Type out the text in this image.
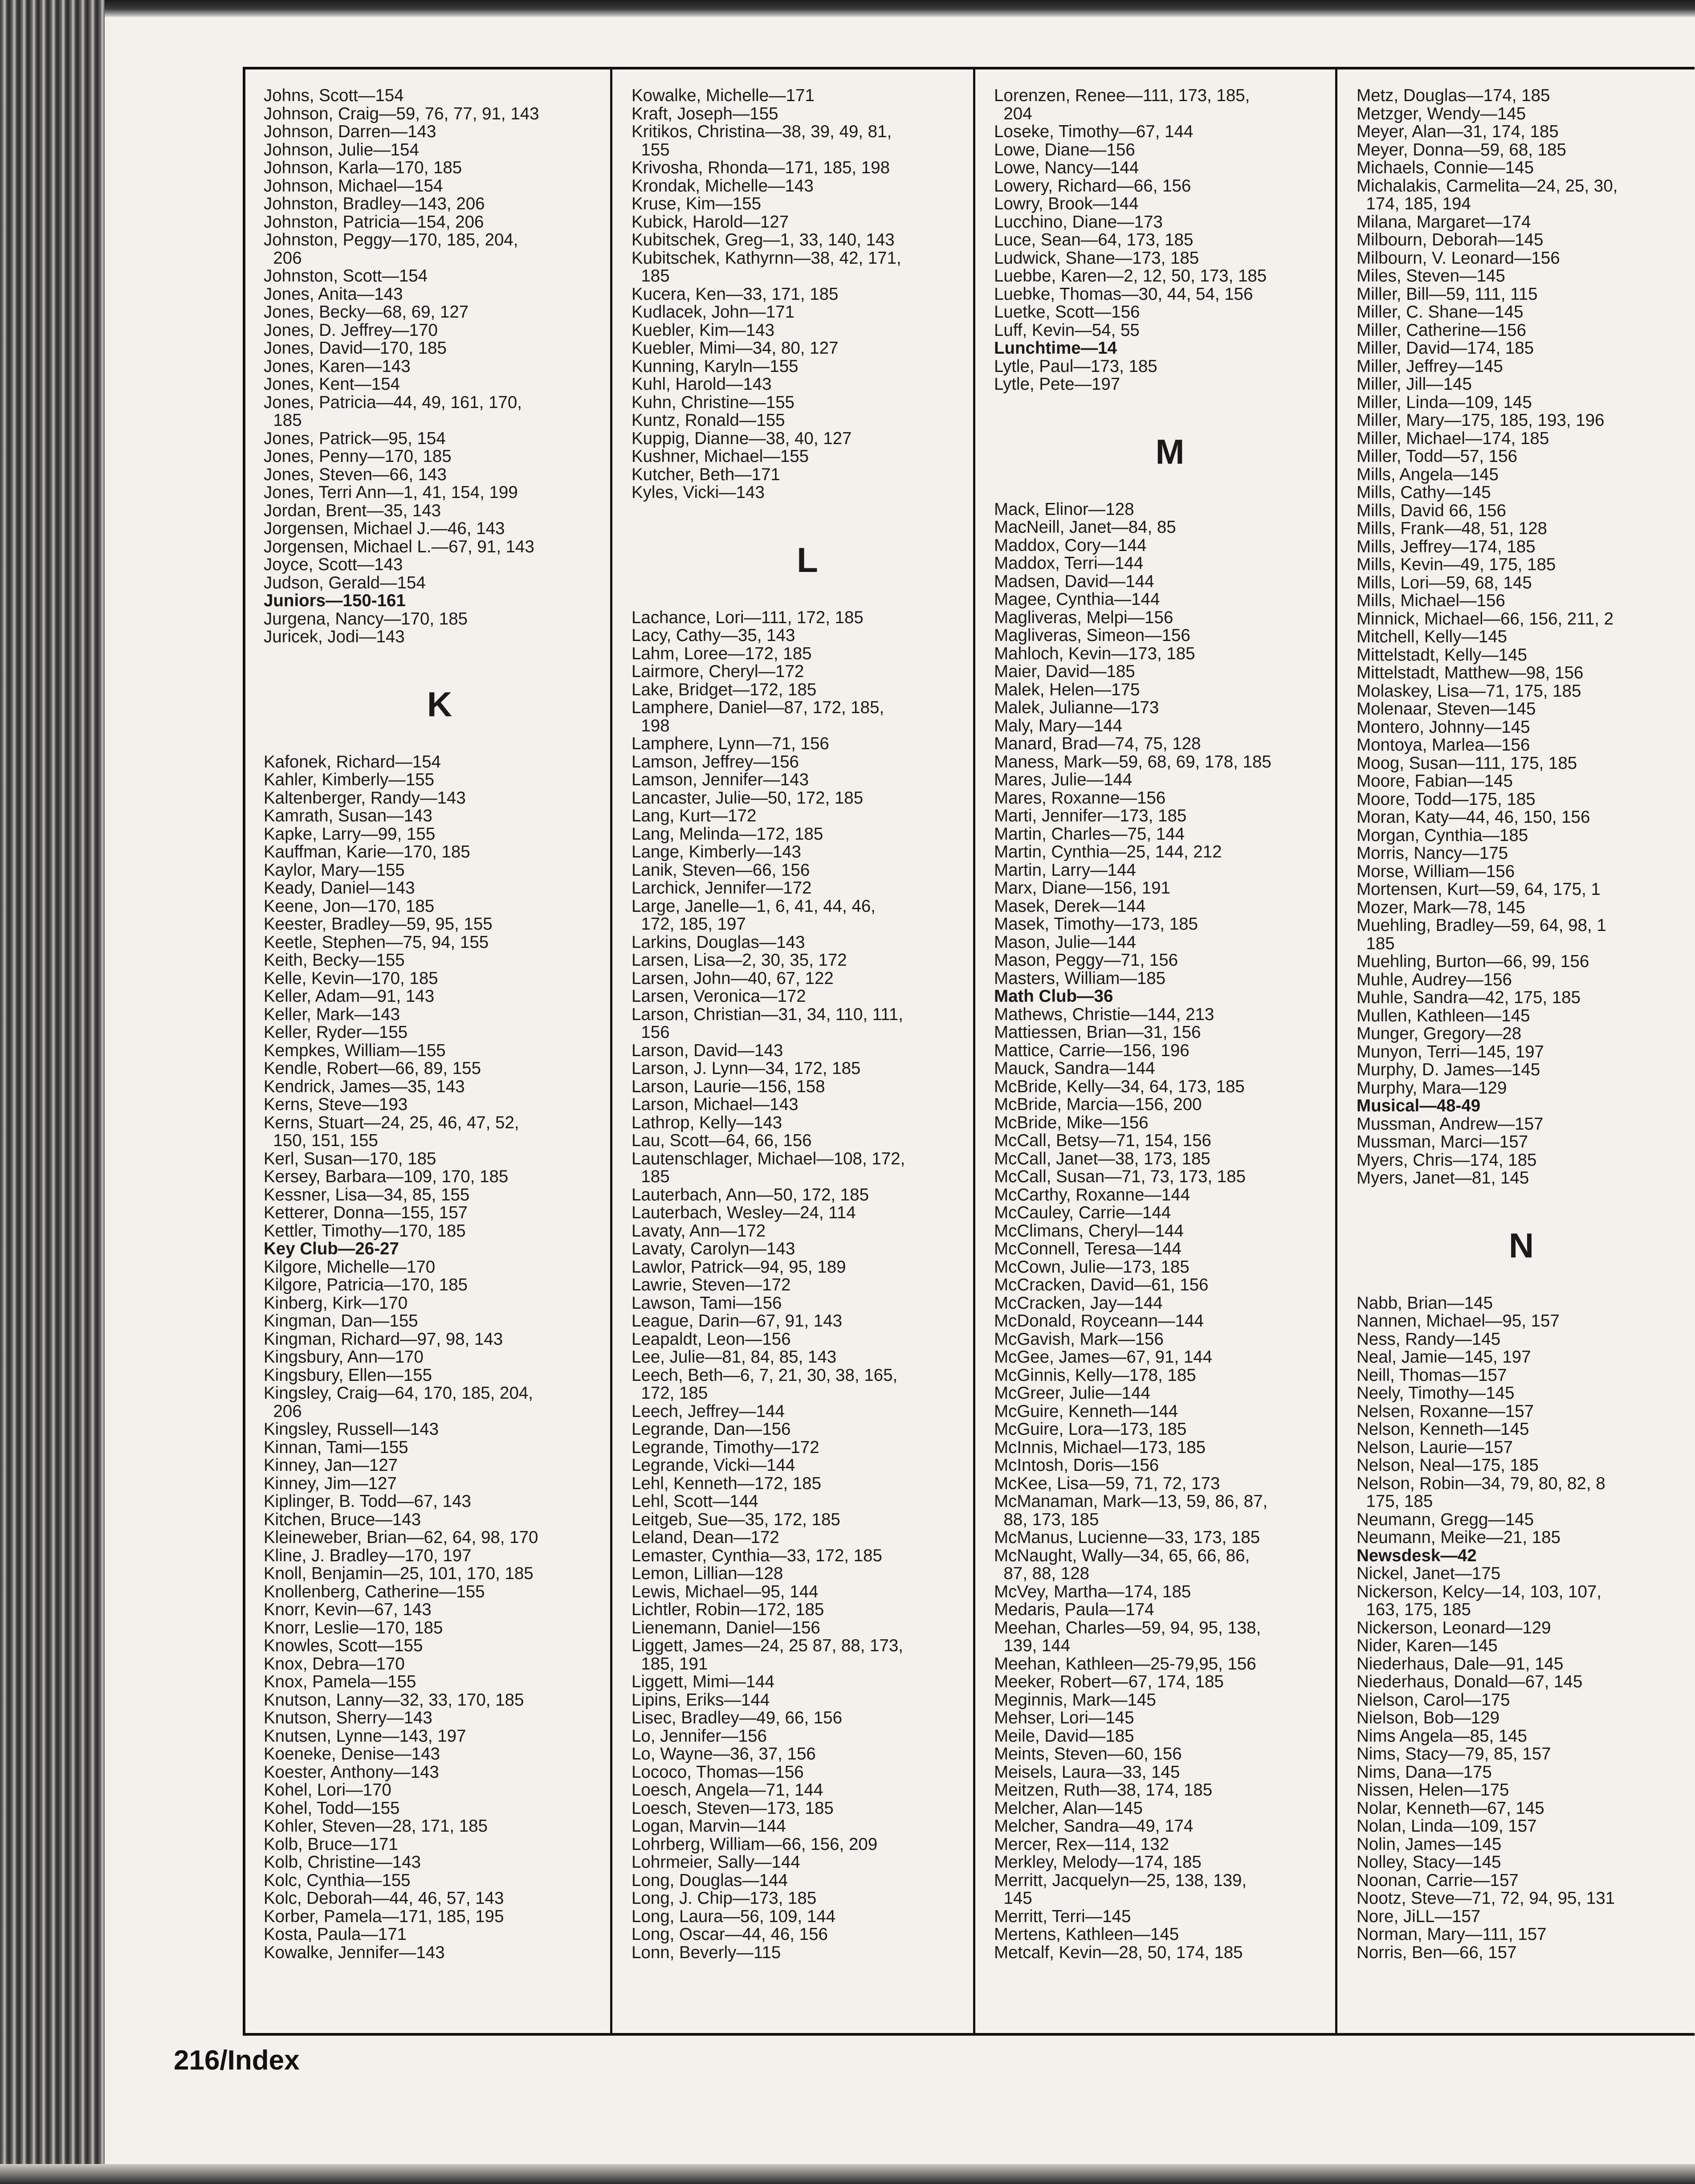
Johns, Scott—154
Johnson, Craig—59, 76, 77, 91, 143
Johnson, Darren—143
Johnson, Julie—154
Johnson, Karla—170, 185
Johnson, Michael—154
Johnston, Bradley—143, 206
Johnston, Patricia—154, 206
Johnston, Peggy—170, 185, 204,
206
Johnston, Scott—154
Jones, Anita—143
Jones, Becky—68, 69, 127
Jones, D. Jeffrey—170
Jones, David—170, 185
Jones, Karen—143
Jones, Kent—154
Jones, Patricia—44, 49, 161, 170,
185
Jones, Patrick—95, 154
Jones, Penny—170, 185
Jones, Steven—66, 143
Jones, Terri Ann—1, 41, 154, 199
Jordan, Brent—35, 143
Jorgensen, Michael J.—46, 143
Jorgensen, Michael L.—67, 91, 143
Joyce, Scott—143
Judson, Gerald—154
Juniors—150-161
Jurgena, Nancy—170, 185
Juricek, Jodi—143
K
Kafonek, Richard—154
Kahler, Kimberly—155
Kaltenberger, Randy—143
Kamrath, Susan—143
Kapke, Larry—99, 155
Kauffman, Karie—170, 185
Kaylor, Mary—155
Keady, Daniel—143
Keene, Jon—170, 185
Keester, Bradley—59, 95, 155
Keetle, Stephen—75, 94, 155
Keith, Becky—155
Kelle, Kevin—170, 185
Keller, Adam—91, 143
Keller, Mark—143
Keller, Ryder—155
Kempkes, William—155
Kendle, Robert—66, 89, 155
Kendrick, James—35, 143
Kerns, Steve—193
Kerns, Stuart—24, 25, 46, 47, 52,
150, 151, 155
Kerl, Susan—170, 185
Kersey, Barbara—109, 170, 185
Kessner, Lisa—34, 85, 155
Ketterer, Donna—155, 157
Kettler, Timothy—170, 185
Key Club—26-27
Kilgore, Michelle—170
Kilgore, Patricia—170, 185
Kinberg, Kirk—170
Kingman, Dan—155
Kingman, Richard—97, 98, 143
Kingsbury, Ann—170
Kingsbury, Ellen—155
Kingsley, Craig—64, 170, 185, 204,
206
Kingsley, Russell—143
Kinnan, Tami—155
Kinney, Jan—127
Kinney, Jim—127
Kiplinger, B. Todd—67, 143
Kitchen, Bruce—143
Kleineweber, Brian—62, 64, 98, 170
Kline, J. Bradley—170, 197
Knoll, Benjamin—25, 101, 170, 185
Knollenberg, Catherine—155
Knorr, Kevin—67, 143
Knorr, Leslie—170, 185
Knowles, Scott—155
Knox, Debra—170
Knox, Pamela—155
Knutson, Lanny—32, 33, 170, 185
Knutson, Sherry—143
Knutsen, Lynne—143, 197
Koeneke, Denise—143
Koester, Anthony—143
Kohel, Lori—170
Kohel, Todd—155
Kohler, Steven—28, 171, 185
Kolb, Bruce—171
Kolb, Christine—143
Kolc, Cynthia—155
Kolc, Deborah—44, 46, 57, 143
Korber, Pamela—171, 185, 195
Kosta, Paula—171
Kowalke, Jennifer—143
Kowalke, Michelle—171
Kraft, Joseph—155
Kritikos, Christina—38, 39, 49, 81,
155
Krivosha, Rhonda—171, 185, 198
Krondak, Michelle—143
Kruse, Kim—155
Kubick, Harold—127
Kubitschek, Greg—1, 33, 140, 143
Kubitschek, Kathyrnn—38, 42, 171,
185
Kucera, Ken—33, 171, 185
Kudlacek, John—171
Kuebler, Kim—143
Kuebler, Mimi—34, 80, 127
Kunning, Karyln—155
Kuhl, Harold—143
Kuhn, Christine—155
Kuntz, Ronald—155
Kuppig, Dianne—38, 40, 127
Kushner, Michael—155
Kutcher, Beth—171
Kyles, Vicki—143
L
Lachance, Lori—111, 172, 185
Lacy, Cathy—35, 143
Lahm, Loree—172, 185
Lairmore, Cheryl—172
Lake, Bridget—172, 185
Lamphere, Daniel—87, 172, 185,
198
Lamphere, Lynn—71, 156
Lamson, Jeffrey—156
Lamson, Jennifer—143
Lancaster, Julie—50, 172, 185
Lang, Kurt—172
Lang, Melinda—172, 185
Lange, Kimberly—143
Lanik, Steven—66, 156
Larchick, Jennifer—172
Large, Janelle—1, 6, 41, 44, 46,
172, 185, 197
Larkins, Douglas—143
Larsen, Lisa—2, 30, 35, 172
Larsen, John—40, 67, 122
Larsen, Veronica—172
Larson, Christian—31, 34, 110, 111,
156
Larson, David—143
Larson, J. Lynn—34, 172, 185
Larson, Laurie—156, 158
Larson, Michael—143
Lathrop, Kelly—143
Lau, Scott—64, 66, 156
Lautenschlager, Michael—108, 172,
185
Lauterbach, Ann—50, 172, 185
Lauterbach, Wesley—24, 114
Lavaty, Ann—172
Lavaty, Carolyn—143
Lawlor, Patrick—94, 95, 189
Lawrie, Steven—172
Lawson, Tami—156
League, Darin—67, 91, 143
Leapaldt, Leon—156
Lee, Julie—81, 84, 85, 143
Leech, Beth—6, 7, 21, 30, 38, 165,
172, 185
Leech, Jeffrey—144
Legrande, Dan—156
Legrande, Timothy—172
Legrande, Vicki—144
Lehl, Kenneth—172, 185
Lehl, Scott—144
Leitgeb, Sue—35, 172, 185
Leland, Dean—172
Lemaster, Cynthia—33, 172, 185
Lemon, Lillian—128
Lewis, Michael—95, 144
Lichtler, Robin—172, 185
Lienemann, Daniel—156
Liggett, James—24, 25 87, 88, 173,
185, 191
Liggett, Mimi—144
Lipins, Eriks—144
Lisec, Bradley—49, 66, 156
Lo, Jennifer—156
Lo, Wayne—36, 37, 156
Lococo, Thomas—156
Loesch, Angela—71, 144
Loesch, Steven—173, 185
Logan, Marvin—144
Lohrberg, William—66, 156, 209
Lohrmeier, Sally—144
Long, Douglas—144
Long, J. Chip—173, 185
Long, Laura—56, 109, 144
Long, Oscar—44, 46, 156
Lonn, Beverly—115
Lorenzen, Renee—111, 173, 185,
204
Loseke, Timothy—67, 144
Lowe, Diane—156
Lowe, Nancy—144
Lowery, Richard—66, 156
Lowry, Brook—144
Lucchino, Diane—173
Luce, Sean—64, 173, 185
Ludwick, Shane—173, 185
Luebbe, Karen—2, 12, 50, 173, 185
Luebke, Thomas—30, 44, 54, 156
Luetke, Scott—156
Luff, Kevin—54, 55
Lunchtime—14
Lytle, Paul—173, 185
Lytle, Pete—197
M
Mack, Elinor—128
MacNeill, Janet—84, 85
Maddox, Cory—144
Maddox, Terri—144
Madsen, David—144
Magee, Cynthia—144
Magliveras, Melpi—156
Magliveras, Simeon—156
Mahloch, Kevin—173, 185
Maier, David—185
Malek, Helen—175
Malek, Julianne—173
Maly, Mary—144
Manard, Brad—74, 75, 128
Maness, Mark—59, 68, 69, 178, 185
Mares, Julie—144
Mares, Roxanne—156
Marti, Jennifer—173, 185
Martin, Charles—75, 144
Martin, Cynthia—25, 144, 212
Martin, Larry—144
Marx, Diane—156, 191
Masek, Derek—144
Masek, Timothy—173, 185
Mason, Julie—144
Mason, Peggy—71, 156
Masters, William—185
Math Club—36
Mathews, Christie—144, 213
Mattiessen, Brian—31, 156
Mattice, Carrie—156, 196
Mauck, Sandra—144
McBride, Kelly—34, 64, 173, 185
McBride, Marcia—156, 200
McBride, Mike—156
McCall, Betsy—71, 154, 156
McCall, Janet—38, 173, 185
McCall, Susan—71, 73, 173, 185
McCarthy, Roxanne—144
McCauley, Carrie—144
McClimans, Cheryl—144
McConnell, Teresa—144
McCown, Julie—173, 185
McCracken, David—61, 156
McCracken, Jay—144
McDonald, Royceann—144
McGavish, Mark—156
McGee, James—67, 91, 144
McGinnis, Kelly—178, 185
McGreer, Julie—144
McGuire, Kenneth—144
McGuire, Lora—173, 185
McInnis, Michael—173, 185
McIntosh, Doris—156
McKee, Lisa—59, 71, 72, 173
McManaman, Mark—13, 59, 86, 87,
88, 173, 185
McManus, Lucienne—33, 173, 185
McNaught, Wally—34, 65, 66, 86,
87, 88, 128
McVey, Martha—174, 185
Medaris, Paula—174
Meehan, Charles—59, 94, 95, 138,
139, 144
Meehan, Kathleen—25-79,95, 156
Meeker, Robert—67, 174, 185
Meginnis, Mark—145
Mehser, Lori—145
Meile, David—185
Meints, Steven—60, 156
Meisels, Laura—33, 145
Meitzen, Ruth—38, 174, 185
Melcher, Alan—145
Melcher, Sandra—49, 174
Mercer, Rex—114, 132
Merkley, Melody—174, 185
Merritt, Jacquelyn—25, 138, 139,
145
Merritt, Terri—145
Mertens, Kathleen—145
Metcalf, Kevin—28, 50, 174, 185
Metz, Douglas—174, 185
Metzger, Wendy—145
Meyer, Alan—31, 174, 185
Meyer, Donna—59, 68, 185
Michaels, Connie—145
Michalakis, Carmelita—24, 25, 30,
174, 185, 194
Milana, Margaret—174
Milbourn, Deborah—145
Milbourn, V. Leonard—156
Miles, Steven—145
Miller, Bill—59, 111, 115
Miller, C. Shane—145
Miller, Catherine—156
Miller, David—174, 185
Miller, Jeffrey—145
Miller, Jill—145
Miller, Linda—109, 145
Miller, Mary—175, 185, 193, 196
Miller, Michael—174, 185
Miller, Todd—57, 156
Mills, Angela—145
Mills, Cathy—145
Mills, David 66, 156
Mills, Frank—48, 51, 128
Mills, Jeffrey—174, 185
Mills, Kevin—49, 175, 185
Mills, Lori—59, 68, 145
Mills, Michael—156
Minnick, Michael—66, 156, 211, 2
Mitchell, Kelly—145
Mittelstadt, Kelly—145
Mittelstadt, Matthew—98, 156
Molaskey, Lisa—71, 175, 185
Molenaar, Steven—145
Montero, Johnny—145
Montoya, Marlea—156
Moog, Susan—111, 175, 185
Moore, Fabian—145
Moore, Todd—175, 185
Moran, Katy—44, 46, 150, 156
Morgan, Cynthia—185
Morris, Nancy—175
Morse, William—156
Mortensen, Kurt—59, 64, 175, 1
Mozer, Mark—78, 145
Muehling, Bradley—59, 64, 98, 1
185
Muehling, Burton—66, 99, 156
Muhle, Audrey—156
Muhle, Sandra—42, 175, 185
Mullen, Kathleen—145
Munger, Gregory—28
Munyon, Terri—145, 197
Murphy, D. James—145
Murphy, Mara—129
Musical—48-49
Mussman, Andrew—157
Mussman, Marci—157
Myers, Chris—174, 185
Myers, Janet—81, 145
N
Nabb, Brian—145
Nannen, Michael—95, 157
Ness, Randy—145
Neal, Jamie—145, 197
Neill, Thomas—157
Neely, Timothy—145
Nelsen, Roxanne—157
Nelson, Kenneth—145
Nelson, Laurie—157
Nelson, Neal—175, 185
Nelson, Robin—34, 79, 80, 82, 8
175, 185
Neumann, Gregg—145
Neumann, Meike—21, 185
Newsdesk—42
Nickel, Janet—175
Nickerson, Kelcy—14, 103, 107,
163, 175, 185
Nickerson, Leonard—129
Nider, Karen—145
Niederhaus, Dale—91, 145
Niederhaus, Donald—67, 145
Nielson, Carol—175
Nielson, Bob—129
Nims Angela—85, 145
Nims, Stacy—79, 85, 157
Nims, Dana—175
Nissen, Helen—175
Nolar, Kenneth—67, 145
Nolan, Linda—109, 157
Nolin, James—145
Nolley, Stacy—145
Noonan, Carrie—157
Nootz, Steve—71, 72, 94, 95, 131
Nore, JiLL—157
Norman, Mary—111, 157
Norris, Ben—66, 157
216/Index
